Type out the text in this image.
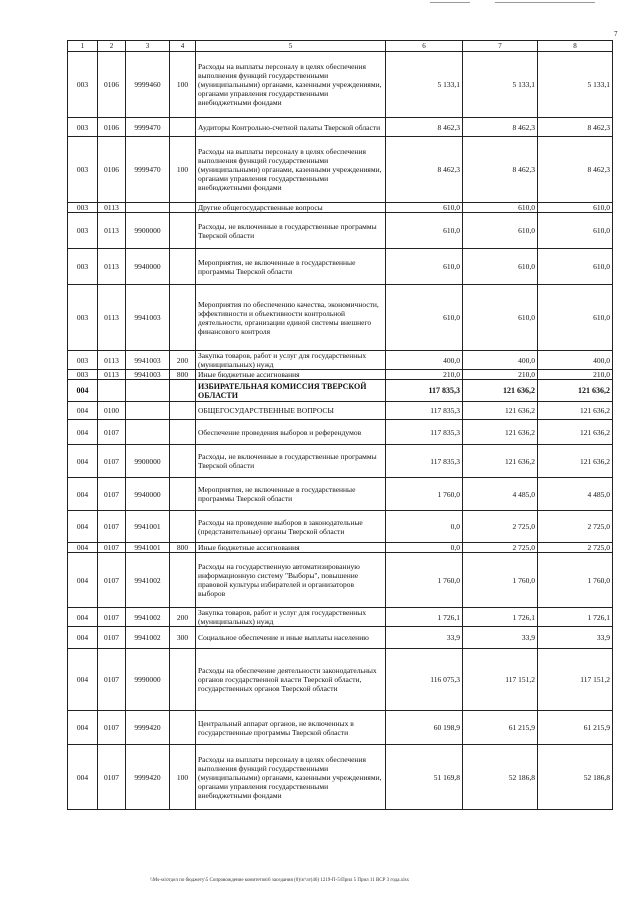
7
1	2	3	4	5	6	7	8
003	0106	9999460	100	Расходы на выплаты персоналу в целях обеспечения выполнения функций государственными (муниципальными) органами, казенными учреждениями, органами управления государственными внебюджетными фондами	5 133,1	5 133,1	5 133,1
003	0106	9999470		Аудиторы Контрольно-счетной палаты Тверской области	8 462,3	8 462,3	8 462,3
003	0106	9999470	100	Расходы на выплаты персоналу в целях обеспечения выполнения функций государственными (муниципальными) органами, казенными учреждениями, органами управления государственными внебюджетными фондами	8 462,3	8 462,3	8 462,3
003	0113			Другие общегосударственные вопросы	610,0	610,0	610,0
003	0113	9900000		Расходы, не включенные в государственные программы Тверской области	610,0	610,0	610,0
003	0113	9940000		Мероприятия, не включенные в государственные программы Тверской области	610,0	610,0	610,0
003	0113	9941003		Мероприятия по обеспечению качества, экономичности, эффективности и объективности контрольной деятельности, организации единой системы внешнего финансового контроля	610,0	610,0	610,0
003	0113	9941003	200	Закупка товаров, работ и услуг для государственных (муниципальных) нужд	400,0	400,0	400,0
003	0113	9941003	800	Иные бюджетные ассигнования	210,0	210,0	210,0
004				ИЗБИРАТЕЛЬНАЯ КОМИССИЯ ТВЕРСКОЙ ОБЛАСТИ	117 835,3	121 636,2	121 636,2
004	0100			ОБЩЕГОСУДАРСТВЕННЫЕ ВОПРОСЫ	117 835,3	121 636,2	121 636,2
004	0107			Обеспечение проведения выборов и референдумов	117 835,3	121 636,2	121 636,2
004	0107	9900000		Расходы, не включенные в государственные программы Тверской области	117 835,3	121 636,2	121 636,2
004	0107	9940000		Мероприятия, не включенные в государственные программы Тверской области	1 760,0	4 485,0	4 485,0
004	0107	9941001		Расходы на проведение выборов в законодательные (представительные) органы Тверской области	0,0	2 725,0	2 725,0
004	0107	9941001	800	Иные бюджетные ассигнования	0,0	2 725,0	2 725,0
004	0107	9941002		Расходы на государственную автоматизированную информационную систему "Выборы", повышение правовой культуры избирателей и организаторов выборов	1 760,0	1 760,0	1 760,0
004	0107	9941002	200	Закупка товаров, работ и услуг для государственных (муниципальных) нужд	1 726,1	1 726,1	1 726,1
004	0107	9941002	300	Социальное обеспечение и иные выплаты населению	33,9	33,9	33,9
004	0107	9990000		Расходы на обеспечение деятельности законодательных органов государственной власти Тверской области, государственных органов Тверской области	116 075,3	117 151,2	117 151,2
004	0107	9999420		Центральный аппарат органов, не включенных в государственные программы Тверской области	60 198,9	61 215,9	61 215,9
004	0107	9999420	100	Расходы на выплаты персоналу в целях обеспечения выполнения функций государственными (муниципальными) органами, казенными учреждениями, органами управления государственными внебюджетными фондами	51 169,8	52 186,8	52 186,8
\\Ms-ss\отдел по бюджету\5 Сопровождение комитетов\6 заседания (0)\зг\зг(46) 1219-П-5\Прил 5 Прил 11 ВСР 3 года.xlsx
